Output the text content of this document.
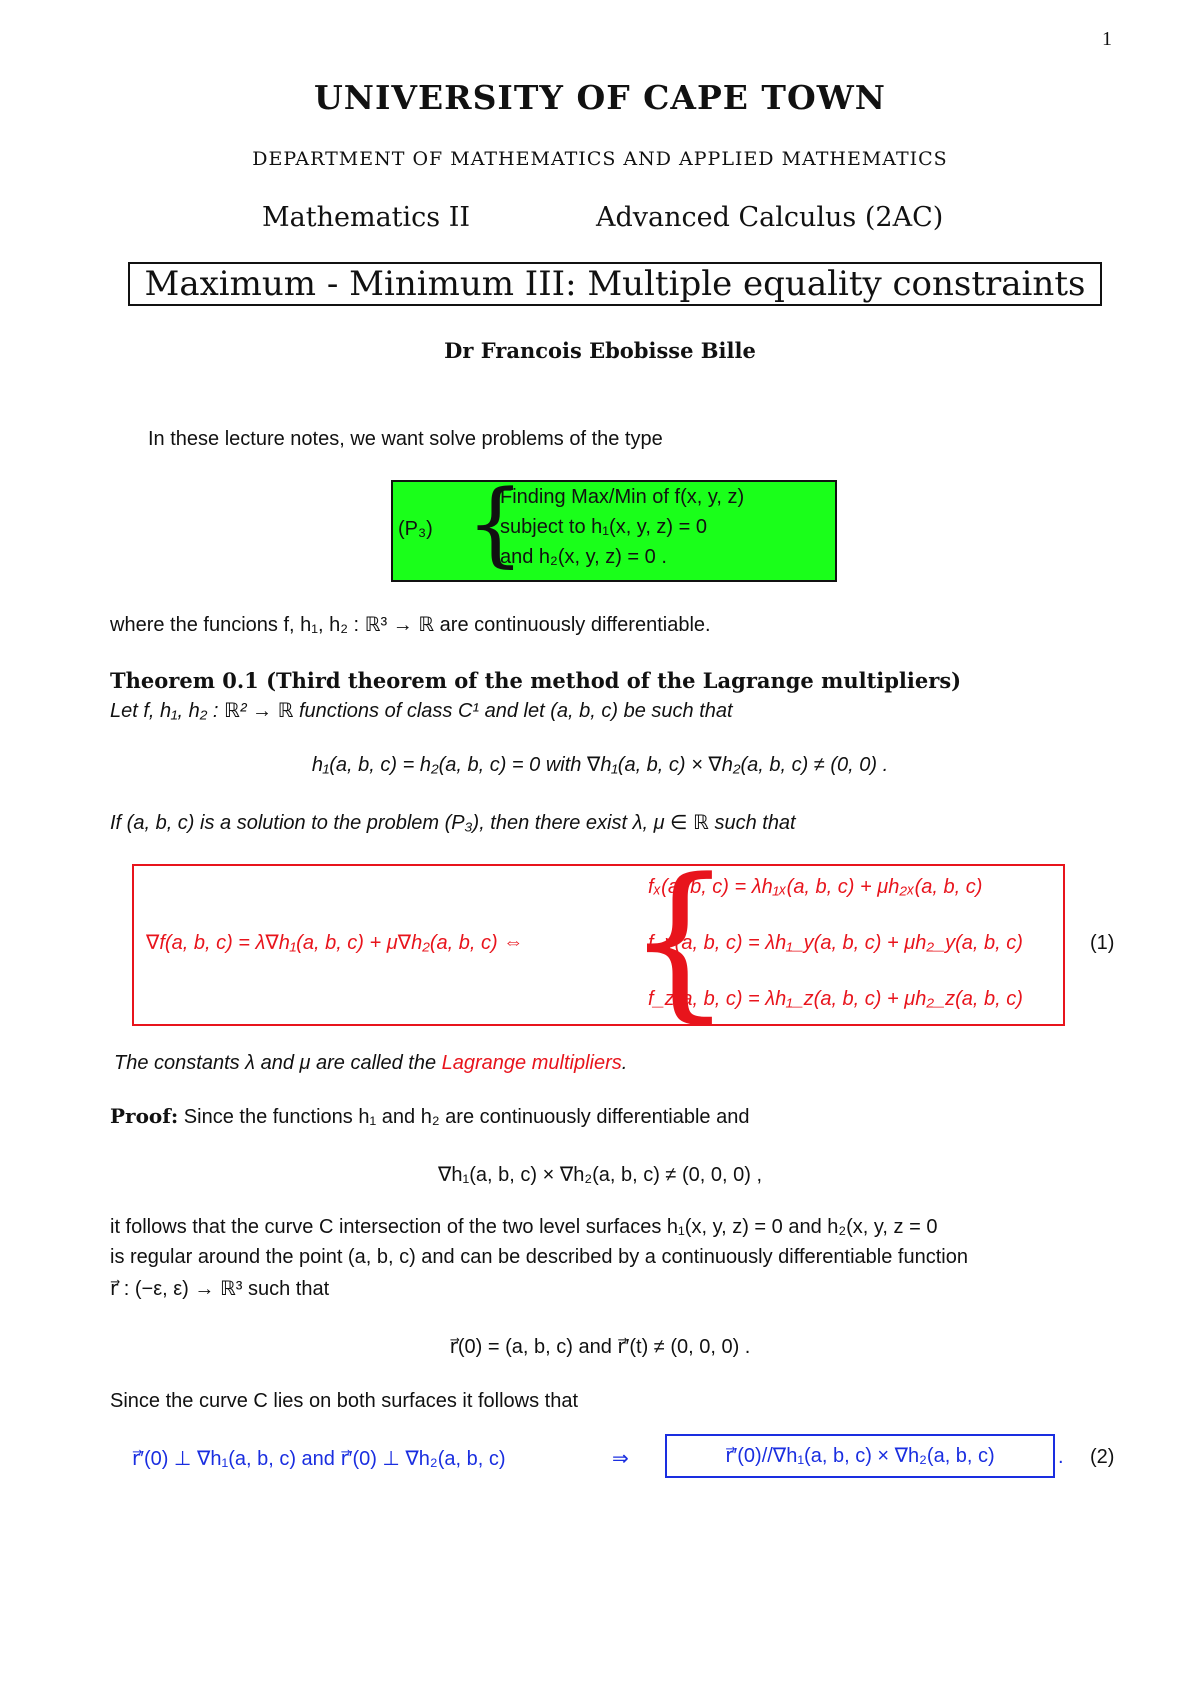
1
UNIVERSITY OF CAPE TOWN
DEPARTMENT OF MATHEMATICS AND APPLIED MATHEMATICS
Mathematics II	Advanced Calculus (2AC)
Maximum - Minimum III: Multiple equality constraints
Dr Francois Ebobisse Bille
In these lecture notes, we want solve problems of the type
(P₃) {
Finding Max/Min of f(x, y, z)
subject to h₁(x, y, z) = 0
and h₂(x, y, z) = 0 .
where the funcions f, h₁, h₂ : ℝ³ → ℝ are continuously differentiable.
Theorem 0.1 (Third theorem of the method of the Lagrange multipliers)
Let f, h₁, h₂ : ℝ² → ℝ functions of class C¹ and let (a, b, c) be such that
h₁(a, b, c) = h₂(a, b, c) = 0 with ∇h₁(a, b, c) × ∇h₂(a, b, c) ≠ (0, 0) .
If (a, b, c) is a solution to the problem (P₃), then there exist λ, μ ∈ ℝ such that
∇f(a, b, c) = λ∇h₁(a, b, c) + μ∇h₂(a, b, c) ⇔ {
fₓ(a, b, c) = λh₁ₓ(a, b, c) + μh₂ₓ(a, b, c)
f_y(a, b, c) = λh₁_y(a, b, c) + μh₂_y(a, b, c)
f_z(a, b, c) = λh₁_z(a, b, c) + μh₂_z(a, b, c)
(1)
The constants λ and μ are called the Lagrange multipliers.
Proof: Since the functions h₁ and h₂ are continuously differentiable and
∇h₁(a, b, c) × ∇h₂(a, b, c) ≠ (0, 0, 0) ,
it follows that the curve C intersection of the two level surfaces h₁(x, y, z) = 0 and h₂(x, y, z = 0
is regular around the point (a, b, c) and can be described by a continuously differentiable function
r⃗ : (−ε, ε) → ℝ³ such that
r⃗(0) = (a, b, c) and r⃗′(t) ≠ (0, 0, 0) .
Since the curve C lies on both surfaces it follows that
r⃗′(0) ⊥ ∇h₁(a, b, c) and r⃗′(0) ⊥ ∇h₂(a, b, c)	⇒	r⃗′(0)//∇h₁(a, b, c) × ∇h₂(a, b, c)	. (2)
